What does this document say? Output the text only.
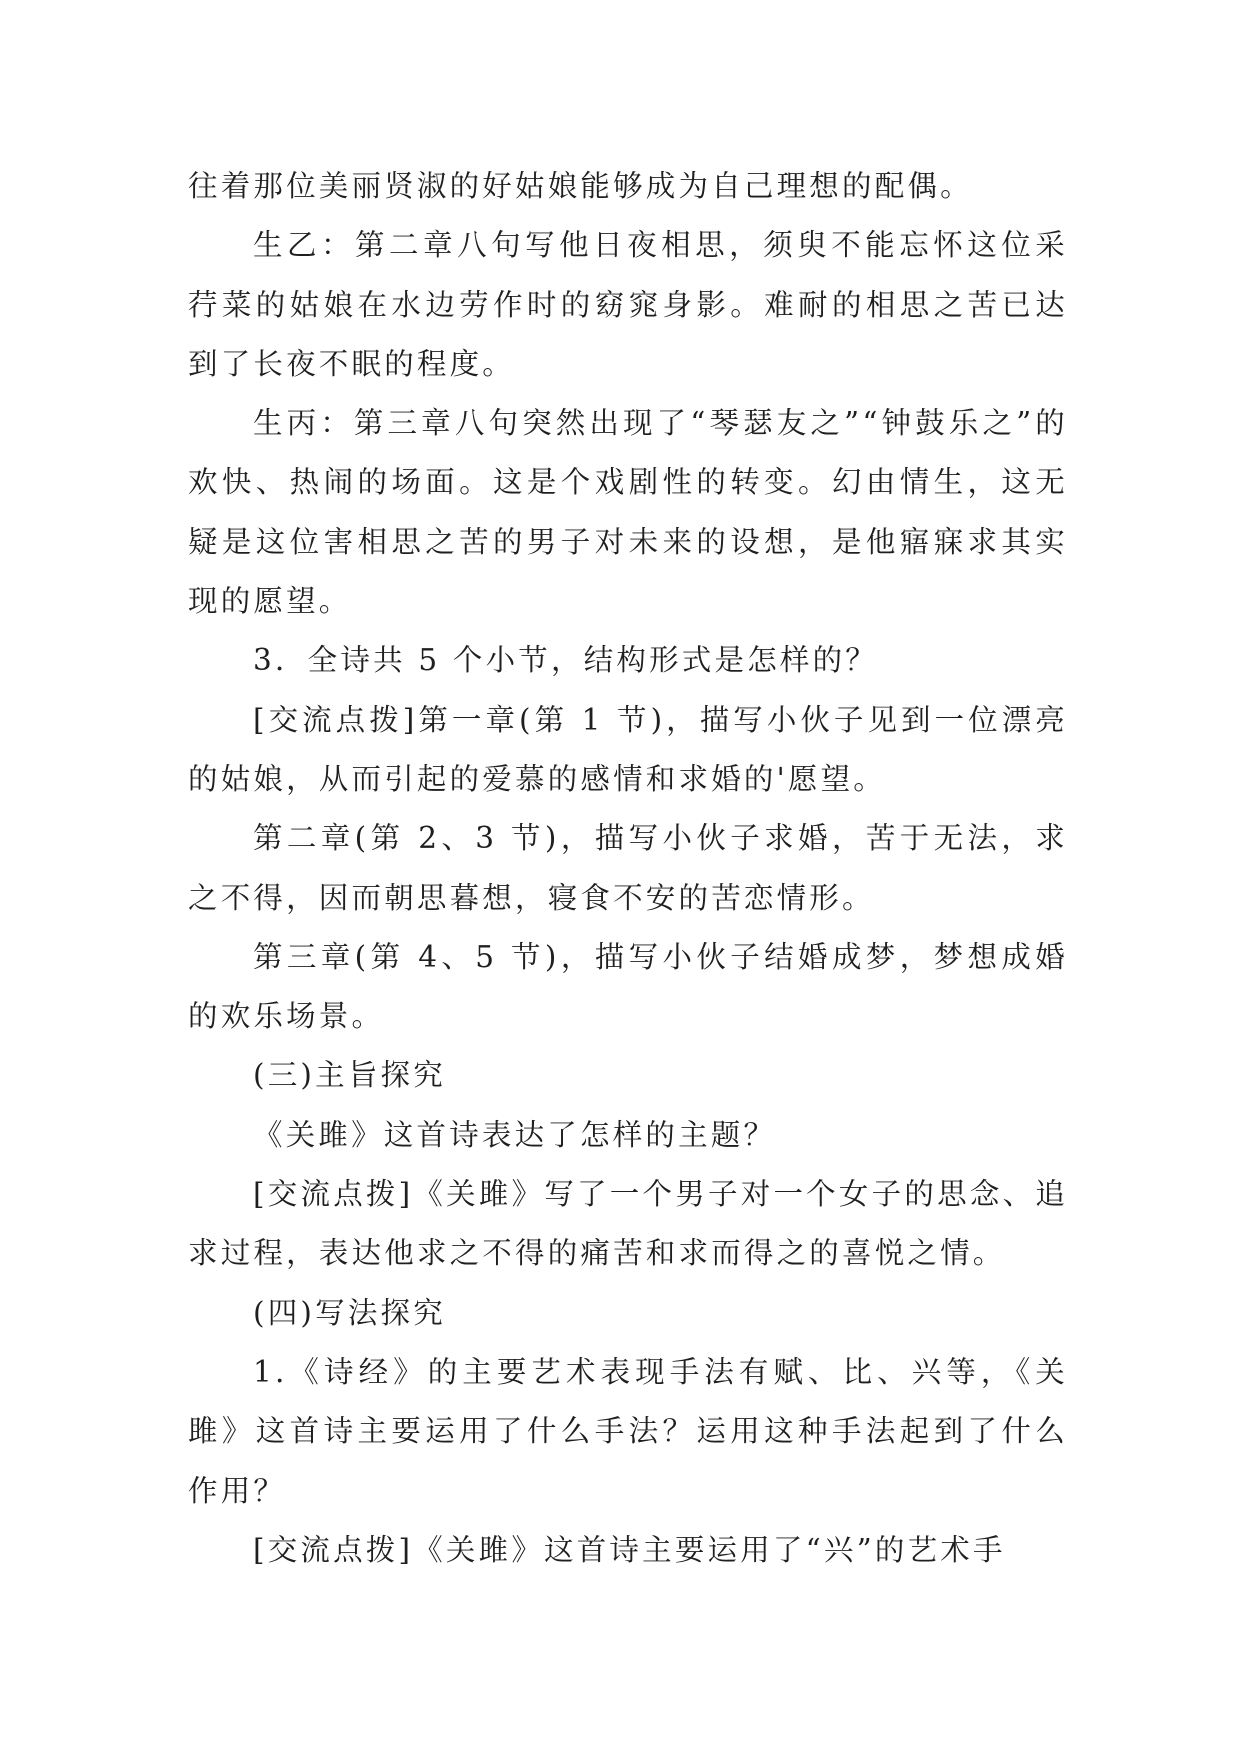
往着那位美丽贤淑的好姑娘能够成为自己理想的配偶。

生乙：第二章八句写他日夜相思，须臾不能忘怀这位采荇菜的姑娘在水边劳作时的窈窕身影。难耐的相思之苦已达到了长夜不眠的程度。

生丙：第三章八句突然出现了“琴瑟友之”“钟鼓乐之”的欢快、热闹的场面。这是个戏剧性的转变。幻由情生，这无疑是这位害相思之苦的男子对未来的设想，是他寤寐求其实现的愿望。

3．全诗共 5 个小节，结构形式是怎样的？

[交流点拨]第一章(第 1 节)，描写小伙子见到一位漂亮的姑娘，从而引起的爱慕的感情和求婚的'愿望。

第二章(第 2、3 节)，描写小伙子求婚，苦于无法，求之不得，因而朝思暮想，寝食不安的苦恋情形。

第三章(第 4、5 节)，描写小伙子结婚成梦，梦想成婚的欢乐场景。

(三)主旨探究

《关雎》这首诗表达了怎样的主题？

[交流点拨]《关雎》写了一个男子对一个女子的思念、追求过程，表达他求之不得的痛苦和求而得之的喜悦之情。

(四)写法探究

1.《诗经》的主要艺术表现手法有赋、比、兴等，《关雎》这首诗主要运用了什么手法？运用这种手法起到了什么作用？

[交流点拨]《关雎》这首诗主要运用了“兴”的艺术手
